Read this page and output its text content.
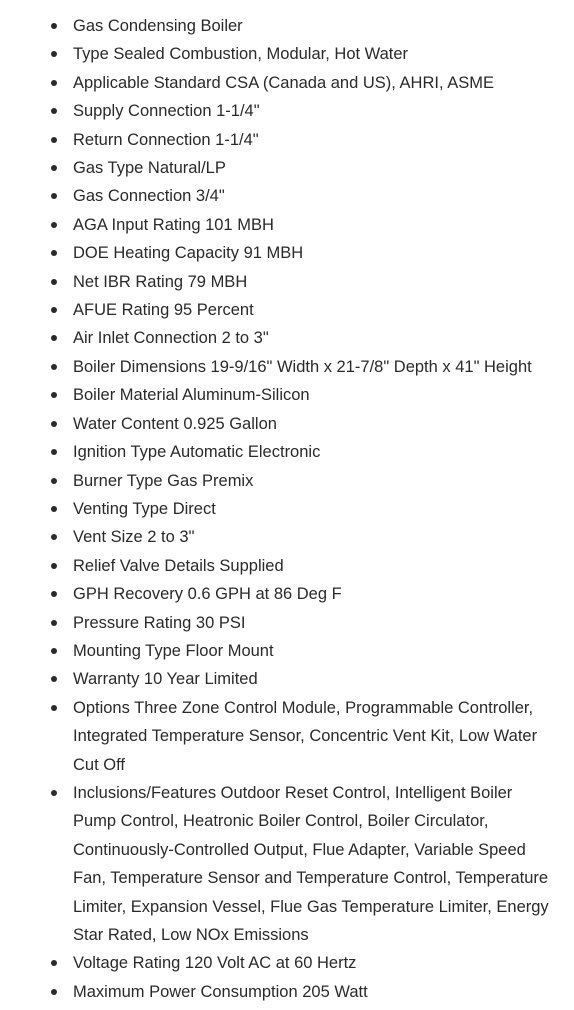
Gas Condensing Boiler
Type Sealed Combustion, Modular, Hot Water
Applicable Standard CSA (Canada and US), AHRI, ASME
Supply Connection 1-1/4"
Return Connection 1-1/4"
Gas Type Natural/LP
Gas Connection 3/4"
AGA Input Rating 101 MBH
DOE Heating Capacity 91 MBH
Net IBR Rating 79 MBH
AFUE Rating 95 Percent
Air Inlet Connection 2 to 3"
Boiler Dimensions 19-9/16" Width x 21-7/8" Depth x 41" Height
Boiler Material Aluminum-Silicon
Water Content 0.925 Gallon
Ignition Type Automatic Electronic
Burner Type Gas Premix
Venting Type Direct
Vent Size 2 to 3"
Relief Valve Details Supplied
GPH Recovery 0.6 GPH at 86 Deg F
Pressure Rating 30 PSI
Mounting Type Floor Mount
Warranty 10 Year Limited
Options Three Zone Control Module, Programmable Controller, Integrated Temperature Sensor, Concentric Vent Kit, Low Water Cut Off
Inclusions/Features Outdoor Reset Control, Intelligent Boiler Pump Control, Heatronic Boiler Control, Boiler Circulator, Continuously-Controlled Output, Flue Adapter, Variable Speed Fan, Temperature Sensor and Temperature Control, Temperature Limiter, Expansion Vessel, Flue Gas Temperature Limiter, Energy Star Rated, Low NOx Emissions
Voltage Rating 120 Volt AC at 60 Hertz
Maximum Power Consumption 205 Watt
